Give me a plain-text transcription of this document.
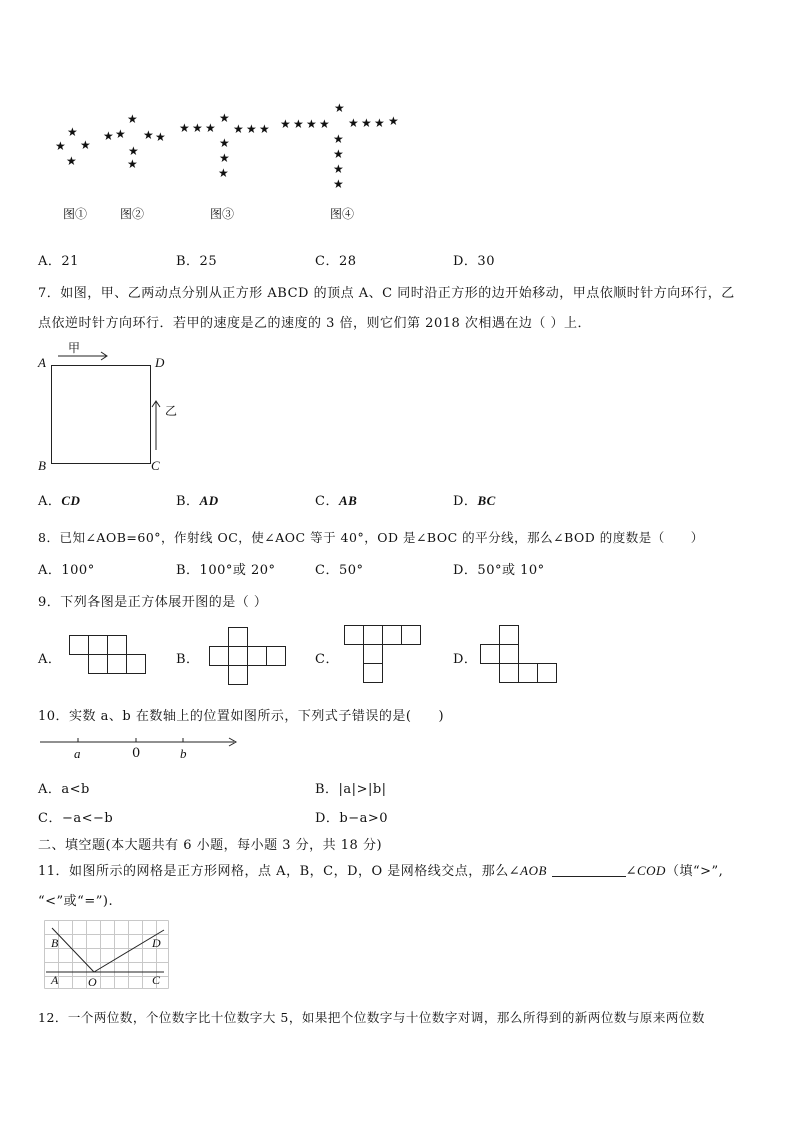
★
★ ★
★
★
★ ★ ★ ★
★
★
★ ★ ★
★
★ ★ ★
★
★
★
★ ★ ★ ★
★
★ ★ ★ ★
★
★
★
★
图①	图②	图③	图④
A．21	B．25	C．28	D．30
7．如图，甲、乙两动点分别从正方形 ABCD 的顶点 A、C 同时沿正方形的边开始移动，甲点依顺时针方向环行，乙
点依逆时针方向环行．若甲的速度是乙的速度的 3 倍，则它们第 2018 次相遇在边（ ）上．
A	D
B	C
甲
乙
A．CD	B．AD	C．AB	D．BC
8．已知∠AOB=60°，作射线 OC，使∠AOC 等于 40°，OD 是∠BOC 的平分线，那么∠BOD 的度数是（　　）
A．100°	B．100°或 20°	C．50°	D．50°或 10°
9．下列各图是正方体展开图的是（ ）
A．	B．	C．	D．
10．实数 a、b 在数轴上的位置如图所示，下列式子错误的是(　　)
a	0	b
A．a<b	B．|a|>|b|
C．−a<−b	D．b−a>0
二、填空题(本大题共有 6 小题，每小题 3 分，共 18 分)
11．如图所示的网格是正方形网格，点 A，B，C，D，O 是网格线交点，那么∠AOB	∠COD（填“>”,
“<”或“=”).
B	D
A O	C
12．一个两位数，个位数字比十位数字大 5，如果把个位数字与十位数字对调，那么所得到的新两位数与原来两位数
